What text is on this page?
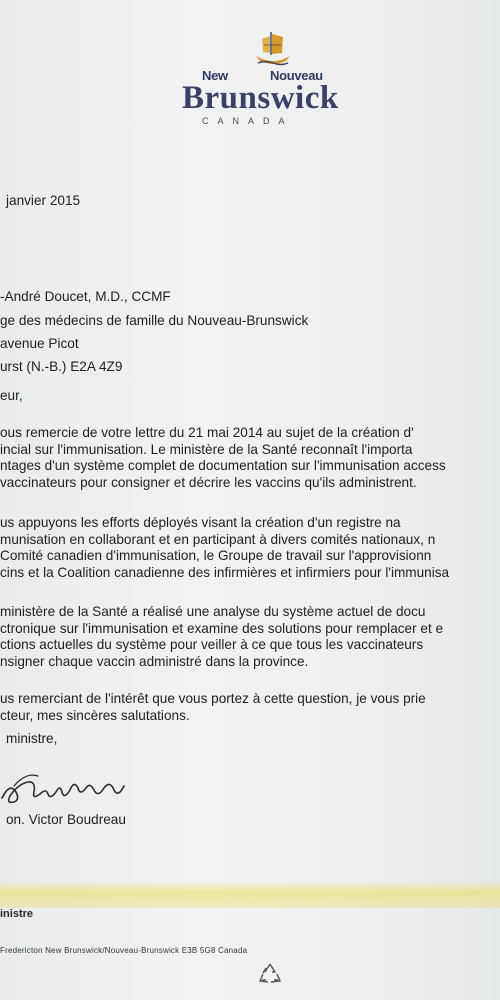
New	Nouveau
Brunswick
CANADA
janvier 2015
-André Doucet, M.D., CCMF
ge des médecins de famille du Nouveau-Brunswick
avenue Picot
urst (N.-B.) E2A 4Z9
eur,
ous remercie de votre lettre du 21 mai 2014 au sujet de la création d'
incial sur l'immunisation. Le ministère de la Santé reconnaît l'importa
ntages d'un système complet de documentation sur l'immunisation access
vaccinateurs pour consigner et décrire les vaccins qu'ils administrent.
us appuyons les efforts déployés visant la création d'un registre na
munisation en collaborant et en participant à divers comités nationaux, n
Comité canadien d'immunisation, le Groupe de travail sur l'approvisionn
cins et la Coalition canadienne des infirmières et infirmiers pour l'immunisa
ministère de la Santé a réalisé une analyse du système actuel de docu
ctronique sur l'immunisation et examine des solutions pour remplacer et e
ctions actuelles du système pour veiller à ce que tous les vaccinateurs
nsigner chaque vaccin administré dans la province.
us remerciant de l'intérêt que vous portez à cette question, je vous prie
cteur, mes sincères salutations.
ministre,
on. Victor Boudreau
inistre
Fredericton New Brunswick/Nouveau-Brunswick E3B 5G8 Canada
